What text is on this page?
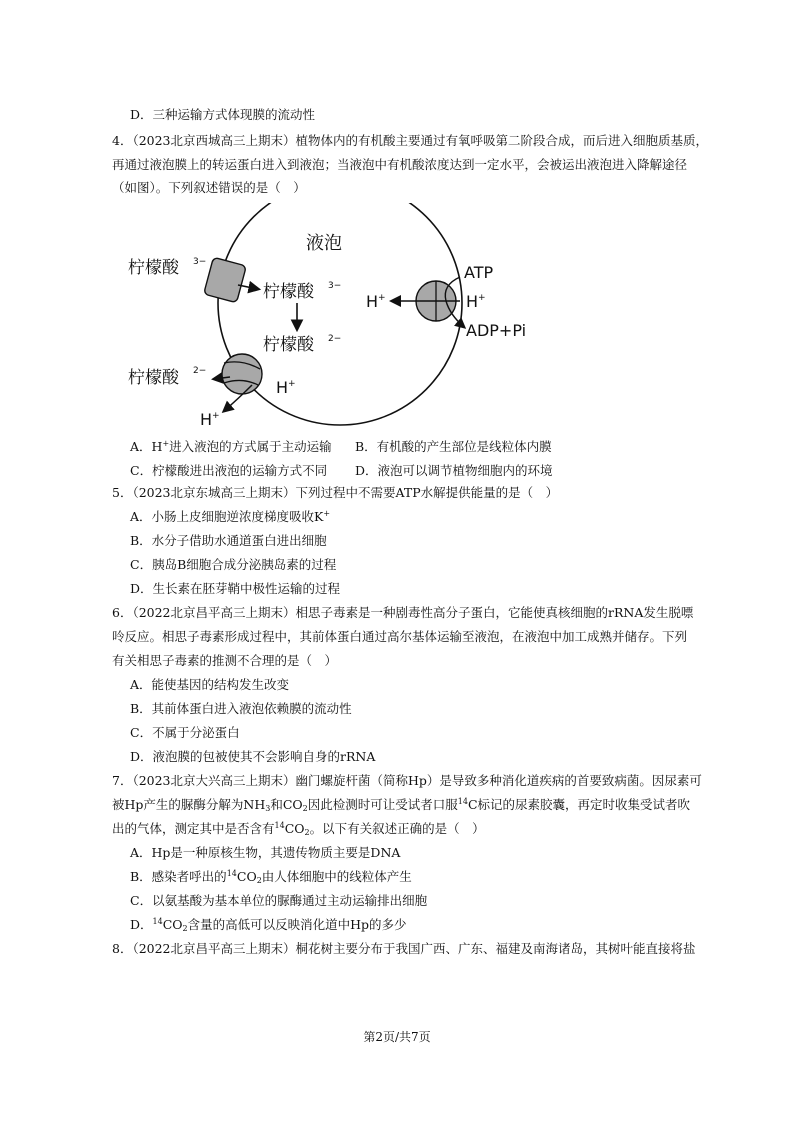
D．三种运输方式体现膜的流动性
4．（2023北京西城高三上期末）植物体内的有机酸主要通过有氧呼吸第二阶段合成，而后进入细胞质基质，
再通过液泡膜上的转运蛋白进入到液泡；当液泡中有机酸浓度达到一定水平，会被运出液泡进入降解途径
（如图）。下列叙述错误的是（　）
液泡
柠檬酸 3−
柠檬酸 3−
柠檬酸 2−
柠檬酸 2−
H+
H+
ATP
H+
H+
ADP+Pi
A．H+进入液泡的方式属于主动运输 B．有机酸的产生部位是线粒体内膜
C．柠檬酸进出液泡的运输方式不同 D．液泡可以调节植物细胞内的环境
5．（2023北京东城高三上期末）下列过程中不需要ATP水解提供能量的是（　）
A．小肠上皮细胞逆浓度梯度吸收K+
B．水分子借助水通道蛋白进出细胞
C．胰岛B细胞合成分泌胰岛素的过程
D．生长素在胚芽鞘中极性运输的过程
6．（2022北京昌平高三上期末）相思子毒素是一种剧毒性高分子蛋白，它能使真核细胞的rRNA发生脱嘌
呤反应。相思子毒素形成过程中，其前体蛋白通过高尔基体运输至液泡，在液泡中加工成熟并储存。下列
有关相思子毒素的推测不合理的是（　）
A．能使基因的结构发生改变
B．其前体蛋白进入液泡依赖膜的流动性
C．不属于分泌蛋白
D．液泡膜的包被使其不会影响自身的rRNA
7．（2023北京大兴高三上期末）幽门螺旋杆菌（简称Hp）是导致多种消化道疾病的首要致病菌。因尿素可
被Hp产生的脲酶分解为$NH_3$和$CO_2$因此检测时可让受试者口服$^{14}$C标记的尿素胶囊，再定时收集受试者吹
出的气体，测定其中是否含有$^{14}CO_2$。以下有关叙述正确的是（　）
A．Hp是一种原核生物，其遗传物质主要是DNA
B．感染者呼出的$^{14}CO_2$由人体细胞中的线粒体产生
C．以氨基酸为基本单位的脲酶通过主动运输排出细胞
D．$^{14}CO_2$含量的高低可以反映消化道中Hp的多少
8．（2022北京昌平高三上期末）桐花树主要分布于我国广西、广东、福建及南海诸岛，其树叶能直接将盐
第2页/共7页
